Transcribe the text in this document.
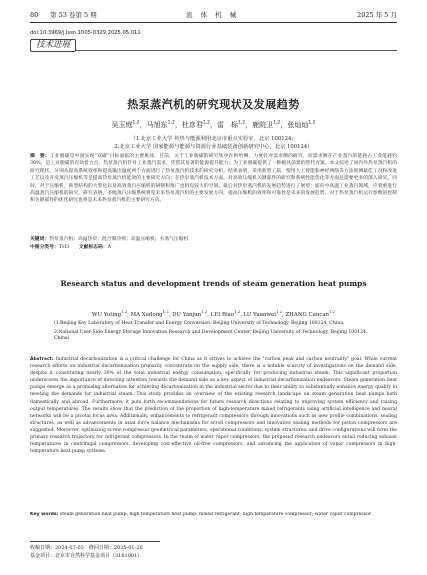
80 第 53 卷第 5 期	流 体 机 械	2025 年 5 月
doi:10.3969/j.issn.1005-0329.2025.05.011
技术进展
热泵蒸汽机的研究现状及发展趋势
吴玉庭$^{1,2}$，马旭东$^{1,2}$，杜彦君$^{1,2}$，雷　标$^{1,2}$，鹿院卫$^{1,2}$，张灿灿$^{1,2}$
（1.北京工业大学 传热与能源利用北京市重点实验室，北京 100124；
2.北京工业大学 国家能源与能源与资源行业基础装备创新研究中心，北京 100124）
摘　要：工业脱碳是中国实现“双碳”目标面临的主要挑战。目前，关于工业脱碳的研究集中在供给侧，力度针对需求侧的研究，而需求侧在产业蒸汽的能耗占工业能耗约 30%，是工业脱碳的有效着力点。热泵蒸汽机针对工业蒸汽需求，凭借其显著的能源提升能力，为工业脱碳提供了一种极具前景的替代方案。本文综述了国内外热泵蒸汽机的研究现状，分别从提高系统效率和提高输出温度两个方面进行了热泵蒸汽机技术的研究分析。结果表明，采用新型工质、使用人工智能和神经网络等方法预测最佳工况和改进工艺以及开发蒸汽压缩机等是提高热泵蒸汽机能效的主要研究方向；在热泵蒸汽机技术方面，对高效压缩机关键部件的研究和系统性能优化等方面还需要更多的深入研究。同时，对于压缩机，新型结构的大型化以及高效蒸汽压缩机的研制和推广也仍有较大的空间。最后对热泵蒸汽机的发展趋势进行了展望：面向中高温工业蒸汽领域，应着重进行高温蒸汽压缩机的研究，研究表明，多级蒸汽压缩系统将是未来热泵蒸汽机的主要发展方向，提高压缩机的效率和可靠性是未来的发展趋势，对于热泵蒸汽机运行参数的控制和关键部件的优化研究也将是未来热泵蒸汽机的主要研究方向。
关键词：热泵蒸汽机；高温热泵；混合制冷剂；高温压缩机；水蒸气压缩机
中图分类号：TH3　　 文献标志码：A
Research status and development trends of steam generation heat pumps
WU Yuting$^{1,2}$, MA Xudong$^{1,2}$, DU Yanjun$^{1,2}$, LEI Biao$^{1,2}$, LU Yuanwei$^{1,2}$, ZHANG Cancan$^{1,2}$
(1.Beijing Key Laboratory of Heat Transfer and Energy Conversion, Beijing University of Technology, Beijing 100124, China;
2.National User-Side Energy Storage Innovation Research and Development Center, Beijing University of Technology, Beijing 100124, China)
Abstract: Industrial decarbonization is a critical challenge for China as it strives to achieve the "carbon peak and carbon neutrality" goal. While current research efforts on industrial decarbonization primarily concentrate on the supply side, there is a notable scarcity of investigations on the demand side, despite it constituting nearly 30% of the total industrial energy consumption, specifically for producing industrial steam. This significant proportion underscores the importance of directing attention towards the demand side as a key aspect of industrial decarbonization endeavors. Steam generation heat pumps emerge as a promising alternative for achieving decarbonization in the industrial sector due to their ability to substantially enhance energy quality in meeting the demands for industrial steam. This study provides an overview of the existing research landscape on steam generation heat pumps both domestically and abroad. Furthermore, it puts forth recommendations for future research directions relating to improving system efficiency and raising output temperatures. The results show that the prediction of the proportion of high-temperature mixed refrigerants using artificial intelligence and neural networks will be a pivotal focus area. Additionally, enhancements to refrigerant compressors through innovations such as new profile combinations, sealing structures, as well as advancements in axial force balance mechanisms for scroll compressors and innovative sealing methods for piston compressors are suggested. Moreover, optimizing screw compressor geometrical parameters, operational conditions, system structures, and drive configurations will form the primary research trajectory for refrigerant compressors. In the realm of water vapor compressors, the proposed research endeavors entail reducing exhaust temperatures in centrifugal compressors, developing cost-effective oil-free compressors, and advancing the application of vapor compressors in high-temperature heat pump systems.
Key words: steam generation heat pump; high temperature heat pump; mixed refrigerant; high temperature compressor; water vapor compressor
收稿日期：2024-07-03　修回日期：2025-01-26
基金项目：北京市自然科学基金项目（3181001）
